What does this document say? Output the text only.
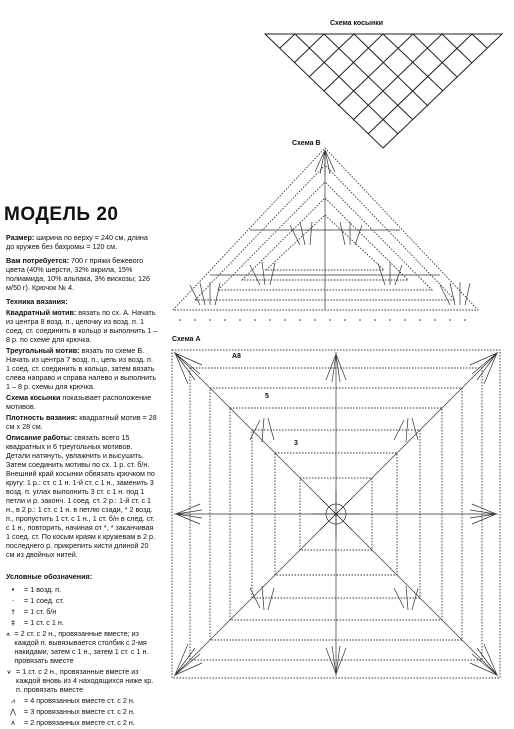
Схема косынки
Схема В
Схема А
А8
5
3
МОДЕЛЬ 20

Размер: ширина по верху = 240 см, длина до кружев без бахромы = 120 см.

Вам потребуется: 700 г пряжи бежевого цвета (40% шерсти, 32% акрила, 15% полиамида, 10% альпака, 3% вискозы; 126 м/50 г). Крючок № 4.

Техника вязания:

Квадратный мотив: вязать по сх. А. Начать из центра 8 возд. п., цепочку из возд. п. 1 соед. ст. соединить в кольцо и выполнить 1 – 8 р. по схеме для крючка.

Треугольный мотив: вязать по схеме В. Начать из центра 7 возд. п., цепь из возд. п. 1 соед. ст. соединить в кольцо, затем вязать слева направо и справа налево и выполнить 1 – 8 р. схемы для крючка.

Схема косынки показывает расположение мотивов.

Плотность вязания: квадратный мотив = 28 см х 28 см.

Описание работы: связать всего 15 квадратных и 6 треугольных мотивов. Детали натянуть, увлажнить и высушить. Затем соединить мотивы по сх. 1 р. ст. б/н. Внешний край косынки обвязать крючком по кругу: 1 р.: ст. с 1 н. 1-й ст. с 1 н., заменить 3 возд. п. углах выполнить 3 ст. с 1 н. под 1 петли и р. законч. 1 соед. ст. 2 р.: 1-й ст. с 1 н., в 2 р.: 1 ст. с 1 н. в петлю сзади, * 2 возд. п., пропустить 1 ст. с 1 н., 1 ст. б/н в след. ст. с 1 н., повторить, начиная от *, * заканчивая 1 соед. ст. По косым краям к кружевам в 2 р. последнего р. прикрепить кисти длиной 20 см из двойных нитей.

Условные обозначения:
•	= 1 возд. п.
·	= 1 соед. ст.
†	= 1 ст. б/н
‡	= 1 ст. с 1 н.
⩚ = 2 ст. с 2 н., провязанные вместе; из каждой п. вывязывается столбик с 2-мя накидами, затем с 1 н., затем 1 ст. с 1 н. провязать вместе
⩛ = 1 ст. с 2 н., провязанные вместе из каждой вновь из 4 находящихся ниже кр. п. провязать вместе
⩘	= 4 провязанных вместе ст. с 2 н.
⋀	= 3 провязанных вместе ст. с 2 н.
∧	= 2 провязанных вместе ст. с 2 н.
